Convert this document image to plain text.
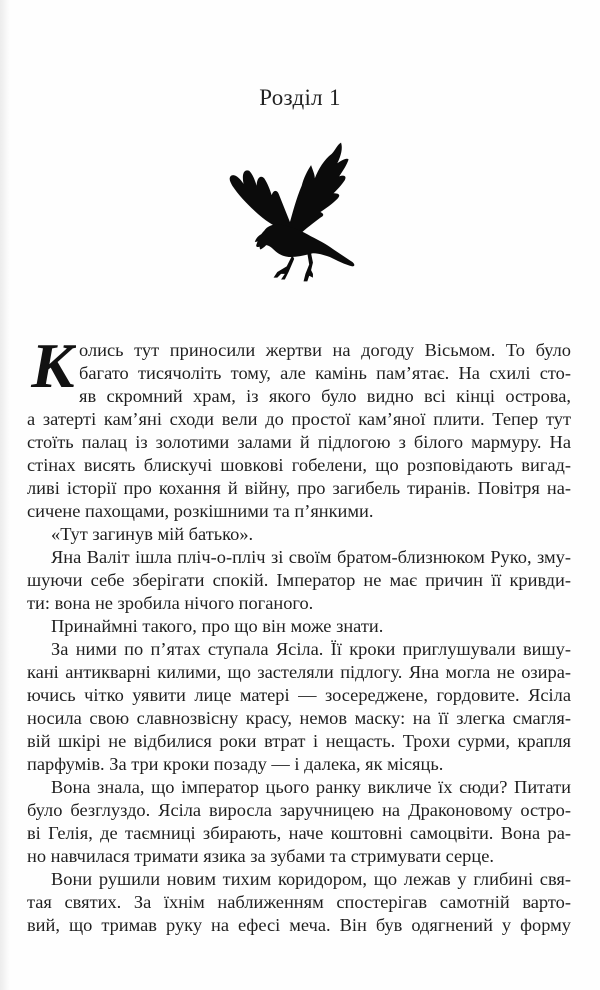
Розділ 1
К олись тут приносили жертви на догоду Вісьмом. То було
багато тисячоліть тому, але камінь пам’ятає. На схилі сто-
яв скромний храм, із якого було видно всі кінці острова,
а затерті кам’яні сходи вели до простої кам’яної плити. Тепер тут
стоїть палац із золотими залами й підлогою з білого мармуру. На
стінах висять блискучі шовкові гобелени, що розповідають вигад-
ливі історії про кохання й війну, про загибель тиранів. Повітря на-
сичене пахощами, розкішними та п’янкими.
«Тут загинув мій батько».
Яна Валіт ішла пліч-о-пліч зі своїм братом-близнюком Руко, зму-
шуючи себе зберігати спокій. Імператор не має причин її кривди-
ти: вона не зробила нічого поганого.
Принаймні такого, про що він може знати.
За ними по п’ятах ступала Ясіла. Її кроки приглушували вишу-
кані антикварні килими, що застеляли підлогу. Яна могла не озира-
ючись чітко уявити лице матері — зосереджене, гордовите. Ясіла
носила свою славнозвісну красу, немов маску: на її злегка смагля-
вій шкірі не відбилися роки втрат і нещасть. Трохи сурми, крапля
парфумів. За три кроки позаду — і далека, як місяць.
Вона знала, що імператор цього ранку викличе їх сюди? Питати
було безглуздо. Ясіла виросла заручницею на Драконовому остро-
ві Гелія, де таємниці збирають, наче коштовні самоцвіти. Вона ра-
но навчилася тримати язика за зубами та стримувати серце.
Вони рушили новим тихим коридором, що лежав у глибині свя-
тая святих. За їхнім наближенням спостерігав самотній варто-
вий, що тримав руку на ефесі меча. Він був одягнений у форму
